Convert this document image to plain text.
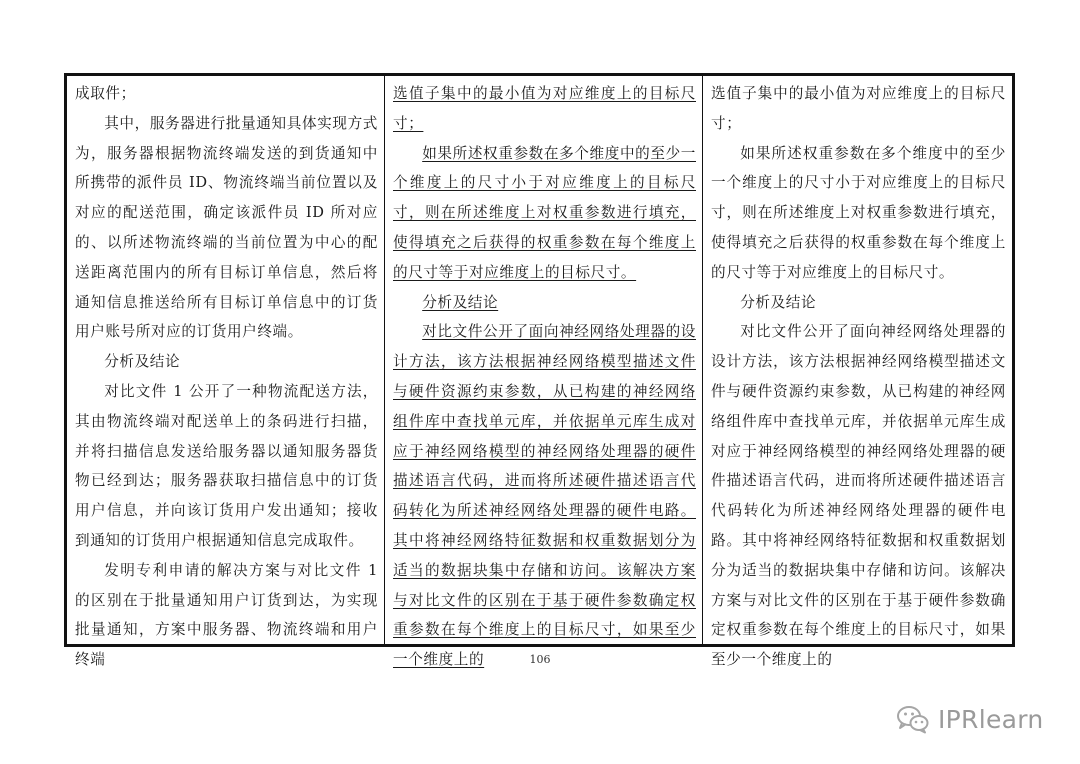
成取件；

其中，服务器进行批量通知具体实现方式为，服务器根据物流终端发送的到货通知中所携带的派件员 ID、物流终端当前位置以及对应的配送范围，确定该派件员 ID 所对应的、以所述物流终端的当前位置为中心的配送距离范围内的所有目标订单信息，然后将通知信息推送给所有目标订单信息中的订货用户账号所对应的订货用户终端。

分析及结论

对比文件 1 公开了一种物流配送方法，其由物流终端对配送单上的条码进行扫描，并将扫描信息发送给服务器以通知服务器货物已经到达；服务器获取扫描信息中的订货用户信息，并向该订货用户发出通知；接收到通知的订货用户根据通知信息完成取件。

发明专利申请的解决方案与对比文件 1 的区别在于批量通知用户订货到达，为实现批量通知，方案中服务器、物流终端和用户终端

选值子集中的最小值为对应维度上的目标尺寸；

如果所述权重参数在多个维度中的至少一个维度上的尺寸小于对应维度上的目标尺寸，则在所述维度上对权重参数进行填充，使得填充之后获得的权重参数在每个维度上的尺寸等于对应维度上的目标尺寸。

分析及结论

对比文件公开了面向神经网络处理器的设计方法，该方法根据神经网络模型描述文件与硬件资源约束参数，从已构建的神经网络组件库中查找单元库，并依据单元库生成对应于神经网络模型的神经网络处理器的硬件描述语言代码，进而将所述硬件描述语言代码转化为所述神经网络处理器的硬件电路。其中将神经网络特征数据和权重数据划分为适当的数据块集中存储和访问。该解决方案与对比文件的区别在于基于硬件参数确定权重参数在每个维度上的目标尺寸，如果至少一个维度上的

选值子集中的最小值为对应维度上的目标尺寸；

如果所述权重参数在多个维度中的至少一个维度上的尺寸小于对应维度上的目标尺寸，则在所述维度上对权重参数进行填充，使得填充之后获得的权重参数在每个维度上的尺寸等于对应维度上的目标尺寸。

分析及结论

对比文件公开了面向神经网络处理器的设计方法，该方法根据神经网络模型描述文件与硬件资源约束参数，从已构建的神经网络组件库中查找单元库，并依据单元库生成对应于神经网络模型的神经网络处理器的硬件描述语言代码，进而将所述硬件描述语言代码转化为所述神经网络处理器的硬件电路。其中将神经网络特征数据和权重数据划分为适当的数据块集中存储和访问。该解决方案与对比文件的区别在于基于硬件参数确定权重参数在每个维度上的目标尺寸，如果至少一个维度上的

106
IPRlearn
